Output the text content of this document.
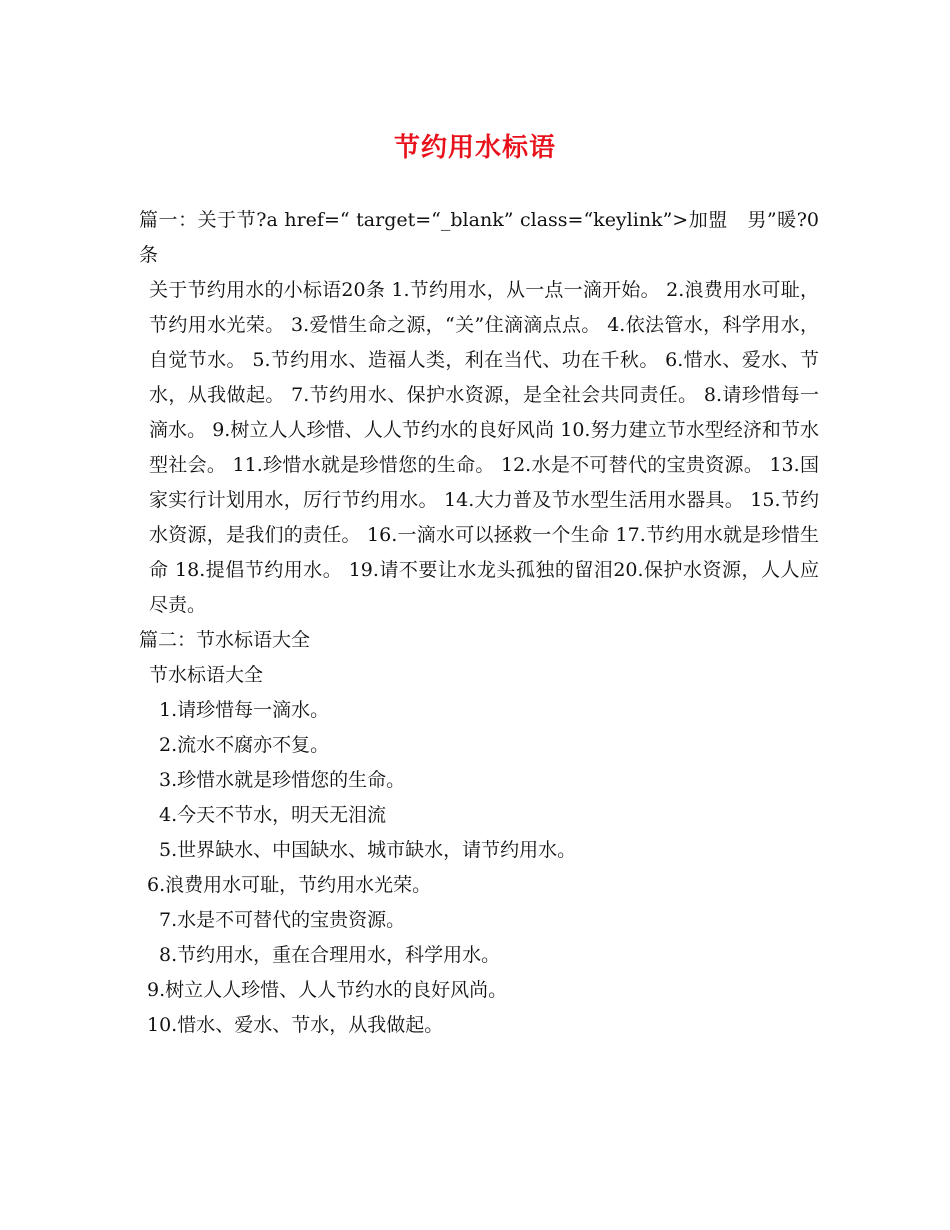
节约用水标语

篇一：关于节?a href=“ target=“_blank” class=“keylink”>加盟　男”暖?0条

关于节约用水的小标语20条 1.节约用水，从一点一滴开始。 2.浪费用水可耻，节约用水光荣。 3.爱惜生命之源，“关”住滴滴点点。 4.依法管水，科学用水，自觉节水。 5.节约用水、造福人类，利在当代、功在千秋。 6.惜水、爱水、节水，从我做起。 7.节约用水、保护水资源，是全社会共同责任。 8.请珍惜每一滴水。 9.树立人人珍惜、人人节约水的良好风尚 10.努力建立节水型经济和节水型社会。 11.珍惜水就是珍惜您的生命。 12.水是不可替代的宝贵资源。 13.国家实行计划用水，厉行节约用水。 14.大力普及节水型生活用水器具。 15.节约水资源，是我们的责任。 16.一滴水可以拯救一个生命 17.节约用水就是珍惜生命 18.提倡节约用水。 19.请不要让水龙头孤独的留泪20.保护水资源，人人应尽责。

篇二：节水标语大全

节水标语大全

1.请珍惜每一滴水。

2.流水不腐亦不复。

3.珍惜水就是珍惜您的生命。

4.今天不节水，明天无泪流

5.世界缺水、中国缺水、城市缺水，请节约用水。

6.浪费用水可耻，节约用水光荣。

7.水是不可替代的宝贵资源。

8.节约用水，重在合理用水，科学用水。

9.树立人人珍惜、人人节约水的良好风尚。

10.惜水、爱水、节水，从我做起。
